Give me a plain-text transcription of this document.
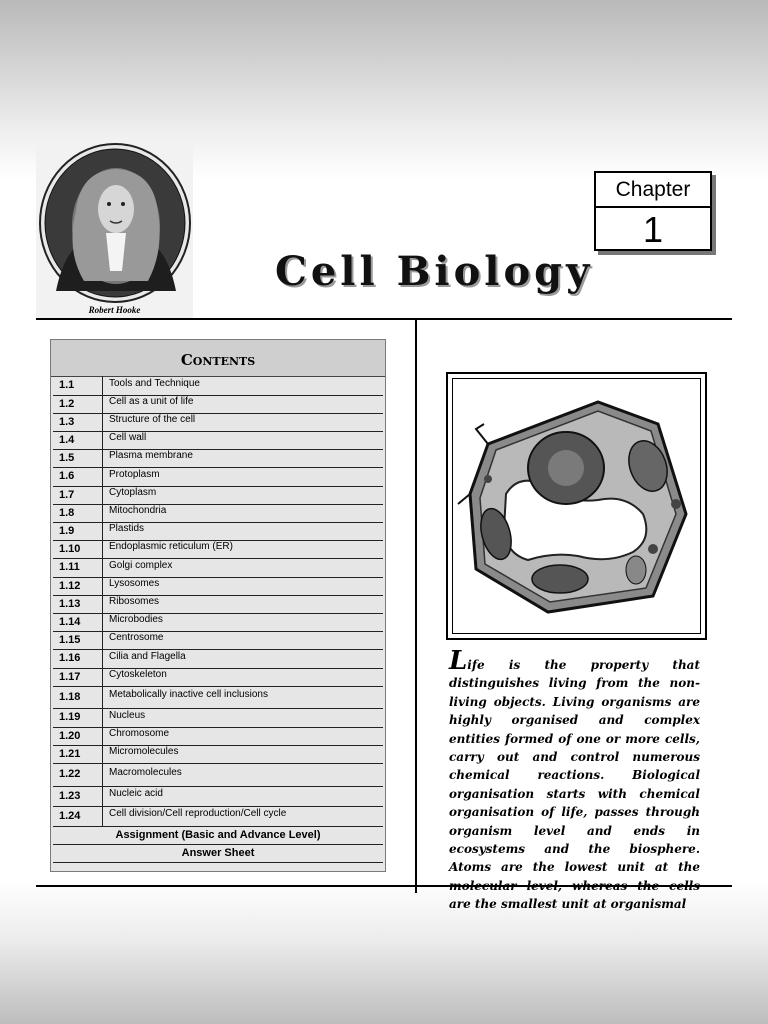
Robert Hooke
Chapter
1
Cell Biology
Contents
1.1	Tools and Technique
1.2	Cell as a unit of life
1.3	Structure of the cell
1.4	Cell wall
1.5	Plasma membrane
1.6	Protoplasm
1.7	Cytoplasm
1.8	Mitochondria
1.9	Plastids
1.10	Endoplasmic reticulum (ER)
1.11	Golgi complex
1.12	Lysosomes
1.13	Ribosomes
1.14	Microbodies
1.15	Centrosome
1.16	Cilia and Flagella
1.17	Cytoskeleton
1.18	Metabolically inactive cell inclusions
1.19	Nucleus
1.20	Chromosome
1.21	Micromolecules
1.22	Macromolecules
1.23	Nucleic acid
1.24	Cell division/Cell reproduction/Cell cycle
Assignment (Basic and Advance Level)
Answer Sheet
Life is the property that distinguishes living from the non-living objects. Living organisms are highly organised and complex entities formed of one or more cells, carry out and control numerous chemical reactions. Biological organisation starts with chemical organisation of life, passes through organism level and ends in ecosystems and the biosphere. Atoms are the lowest unit at the molecular level, whereas the cells are the smallest unit at organismal
